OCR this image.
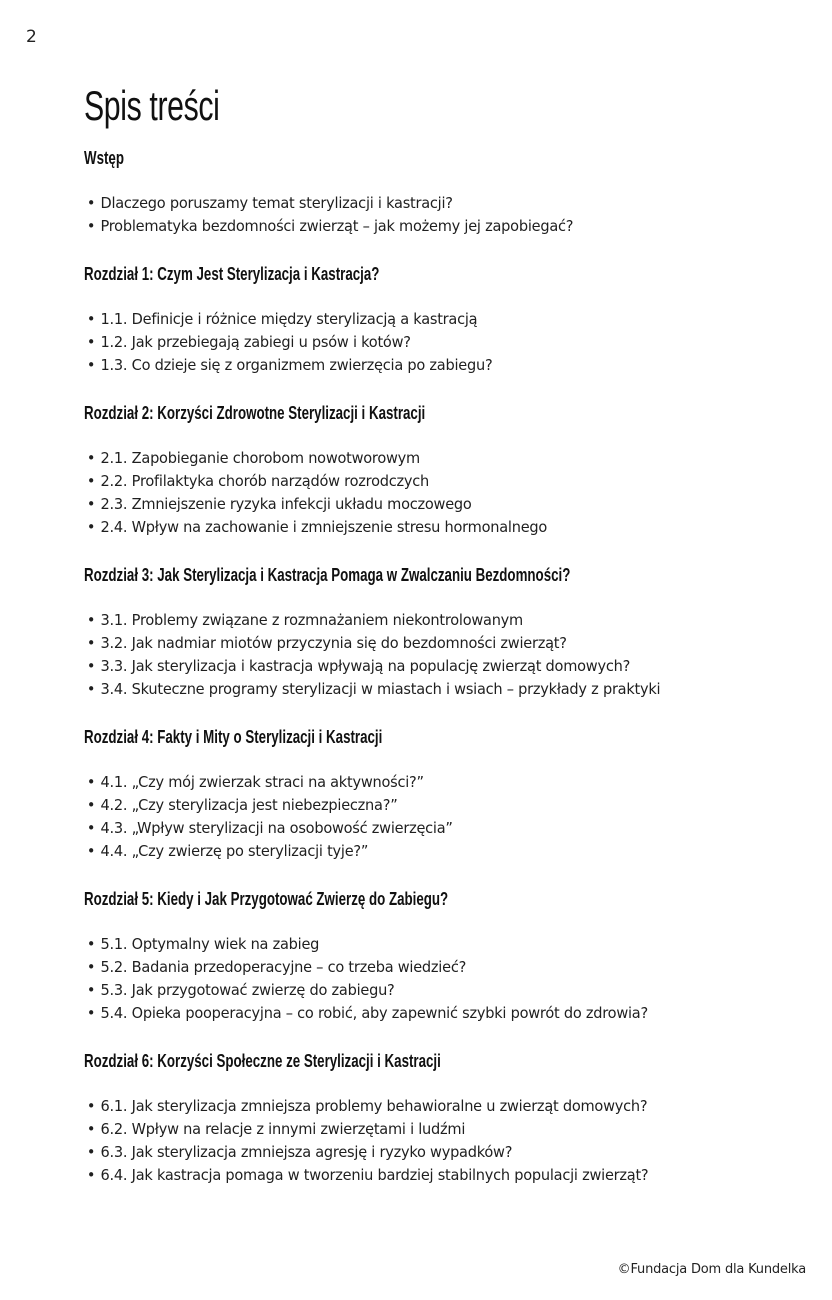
2
Spis treści
Wstęp
• Dlaczego poruszamy temat sterylizacji i kastracji?
• Problematyka bezdomności zwierząt – jak możemy jej zapobiegać?
Rozdział 1: Czym Jest Sterylizacja i Kastracja?
• 1.1. Definicje i różnice między sterylizacją a kastracją
• 1.2. Jak przebiegają zabiegi u psów i kotów?
• 1.3. Co dzieje się z organizmem zwierzęcia po zabiegu?
Rozdział 2: Korzyści Zdrowotne Sterylizacji i Kastracji
• 2.1. Zapobieganie chorobom nowotworowym
• 2.2. Profilaktyka chorób narządów rozrodczych
• 2.3. Zmniejszenie ryzyka infekcji układu moczowego
• 2.4. Wpływ na zachowanie i zmniejszenie stresu hormonalnego
Rozdział 3: Jak Sterylizacja i Kastracja Pomaga w Zwalczaniu Bezdomności?
• 3.1. Problemy związane z rozmnażaniem niekontrolowanym
• 3.2. Jak nadmiar miotów przyczynia się do bezdomności zwierząt?
• 3.3. Jak sterylizacja i kastracja wpływają na populację zwierząt domowych?
• 3.4. Skuteczne programy sterylizacji w miastach i wsiach – przykłady z praktyki
Rozdział 4: Fakty i Mity o Sterylizacji i Kastracji
• 4.1. „Czy mój zwierzak straci na aktywności?”
• 4.2. „Czy sterylizacja jest niebezpieczna?”
• 4.3. „Wpływ sterylizacji na osobowość zwierzęcia”
• 4.4. „Czy zwierzę po sterylizacji tyje?”
Rozdział 5: Kiedy i Jak Przygotować Zwierzę do Zabiegu?
• 5.1. Optymalny wiek na zabieg
• 5.2. Badania przedoperacyjne – co trzeba wiedzieć?
• 5.3. Jak przygotować zwierzę do zabiegu?
• 5.4. Opieka pooperacyjna – co robić, aby zapewnić szybki powrót do zdrowia?
Rozdział 6: Korzyści Społeczne ze Sterylizacji i Kastracji
• 6.1. Jak sterylizacja zmniejsza problemy behawioralne u zwierząt domowych?
• 6.2. Wpływ na relacje z innymi zwierzętami i ludźmi
• 6.3. Jak sterylizacja zmniejsza agresję i ryzyko wypadków?
• 6.4. Jak kastracja pomaga w tworzeniu bardziej stabilnych populacji zwierząt?
©Fundacja Dom dla Kundelka
